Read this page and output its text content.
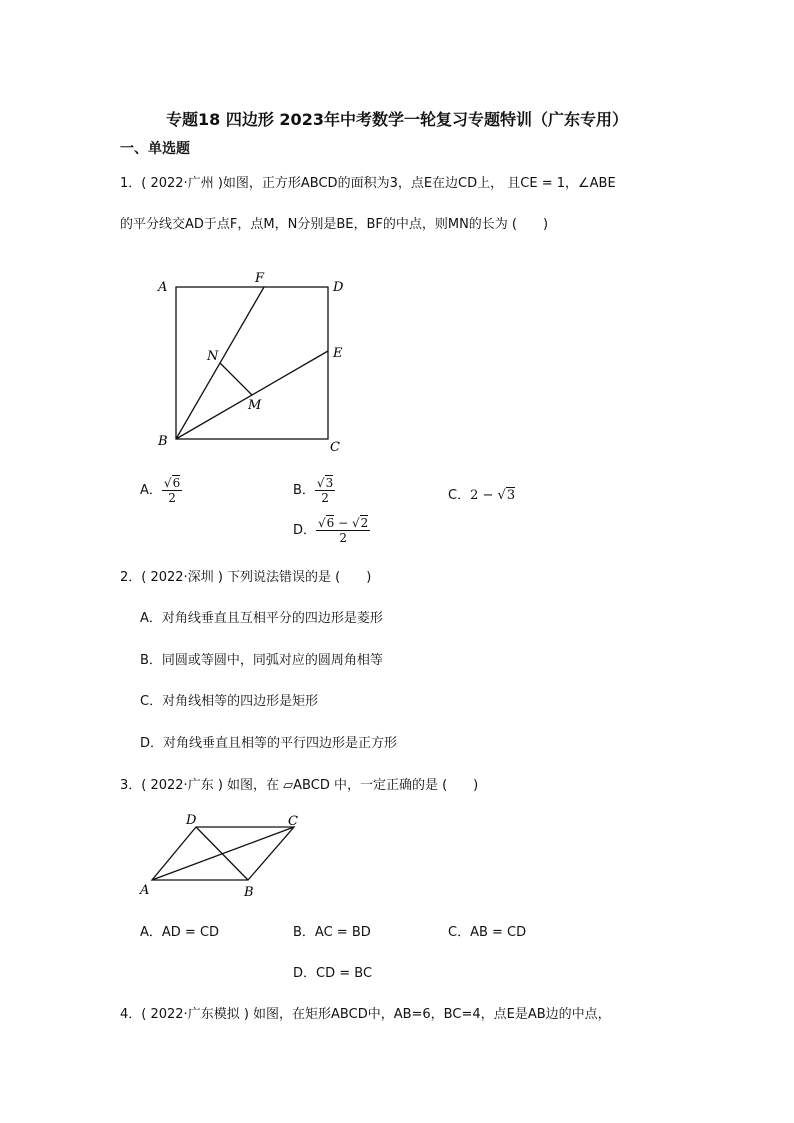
专题18 四边形 2023年中考数学一轮复习专题特训（广东专用）
一、单选题
1．( 2022·广州 )如图，正方形ABCD的面积为3，点E在边CD上， 且CE = 1，∠ABE
的平分线交AD于点F，点M，N分别是BE，BF的中点，则MN的长为 (　　)
A	D
F
E
N
M
B	C
A． $\frac{√6}{2}$	B． $\frac{√3}{2}$	C．2 − √3
D． $\frac{√6 - √2}{2}$
2．( 2022·深圳 ) 下列说法错误的是 (　　)
A．对角线垂直且互相平分的四边形是菱形
B．同圆或等圆中，同弧对应的圆周角相等
C．对角线相等的四边形是矩形
D．对角线垂直且相等的平行四边形是正方形
3．( 2022·广东 ) 如图，在 ▱ABCD 中，一定正确的是 (　　)
A	B
C
D
A．AD = CD	B．AC = BD	C．AB = CD
D．CD = BC
4．( 2022·广东模拟 ) 如图，在矩形ABCD中，AB=6，BC=4，点E是AB边的中点，
